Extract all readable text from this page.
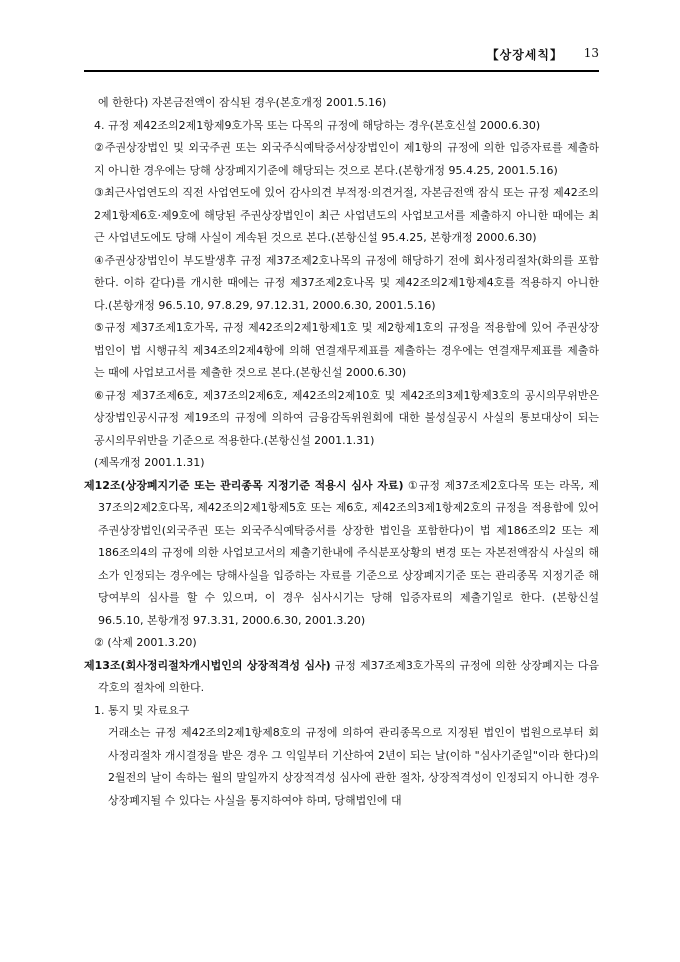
【상장세칙】 13

에 한한다) 자본금전액이 잠식된 경우(본호개정 2001.5.16)

4. 규정 제42조의2제1항제9호가목 또는 다목의 규정에 해당하는 경우(본호신설 2000.6.30)

②주권상장법인 및 외국주권 또는 외국주식예탁증서상장법인이 제1항의 규정에 의한 입증자료를 제출하지 아니한 경우에는 당해 상장폐지기준에 해당되는 것으로 본다.(본항개정 95.4.25, 2001.5.16)

③최근사업연도의 직전 사업연도에 있어 감사의견 부적정·의견거절, 자본금전액 잠식 또는 규정 제42조의2제1항제6호·제9호에 해당된 주권상장법인이 최근 사업년도의 사업보고서를 제출하지 아니한 때에는 최근 사업년도에도 당해 사실이 계속된 것으로 본다.(본항신설 95.4.25, 본항개정 2000.6.30)

④주권상장법인이 부도발생후 규정 제37조제2호나목의 규정에 해당하기 전에 회사정리절차(화의를 포함한다. 이하 같다)를 개시한 때에는 규정 제37조제2호나목 및 제42조의2제1항제4호를 적용하지 아니한다.(본항개정 96.5.10, 97.8.29, 97.12.31, 2000.6.30, 2001.5.16)

⑤규정 제37조제1호가목, 규정 제42조의2제1항제1호 및 제2항제1호의 규정을 적용함에 있어 주권상장법인이 법 시행규칙 제34조의2제4항에 의해 연결재무제표를 제출하는 경우에는 연결재무제표를 제출하는 때에 사업보고서를 제출한 것으로 본다.(본항신설 2000.6.30)

⑥규정 제37조제6호, 제37조의2제6호, 제42조의2제10호 및 제42조의3제1항제3호의 공시의무위반은 상장법인공시규정 제19조의 규정에 의하여 금융감독위원회에 대한 불성실공시 사실의 통보대상이 되는 공시의무위반을 기준으로 적용한다.(본항신설 2001.1.31)

(제목개정 2001.1.31)

제12조(상장폐지기준 또는 관리종목 지정기준 적용시 심사 자료) ①규정 제37조제2호다목 또는 라목, 제37조의2제2호다목, 제42조의2제1항제5호 또는 제6호, 제42조의3제1항제2호의 규정을 적용함에 있어 주권상장법인(외국주권 또는 외국주식예탁증서를 상장한 법인을 포함한다)이 법 제186조의2 또는 제186조의4의 규정에 의한 사업보고서의 제출기한내에 주식분포상황의 변경 또는 자본전액잠식 사실의 해소가 인정되는 경우에는 당해사실을 입증하는 자료를 기준으로 상장폐지기준 또는 관리종목 지정기준 해당여부의 심사를 할 수 있으며, 이 경우 심사시기는 당해 입증자료의 제출기일로 한다. (본항신설 96.5.10, 본항개정 97.3.31, 2000.6.30, 2001.3.20)

② (삭제 2001.3.20)

제13조(회사정리절차개시법인의 상장적격성 심사) 규정 제37조제3호가목의 규정에 의한 상장폐지는 다음 각호의 절차에 의한다.

1. 통지 및 자료요구

거래소는 규정 제42조의2제1항제8호의 규정에 의하여 관리종목으로 지정된 법인이 법원으로부터 회사정리절차 개시결정을 받은 경우 그 익일부터 기산하여 2년이 되는 날(이하 "심사기준일"이라 한다)의 2월전의 날이 속하는 월의 말일까지 상장적격성 심사에 관한 절차, 상장적격성이 인정되지 아니한 경우 상장폐지될 수 있다는 사실을 통지하여야 하며, 당해법인에 대
